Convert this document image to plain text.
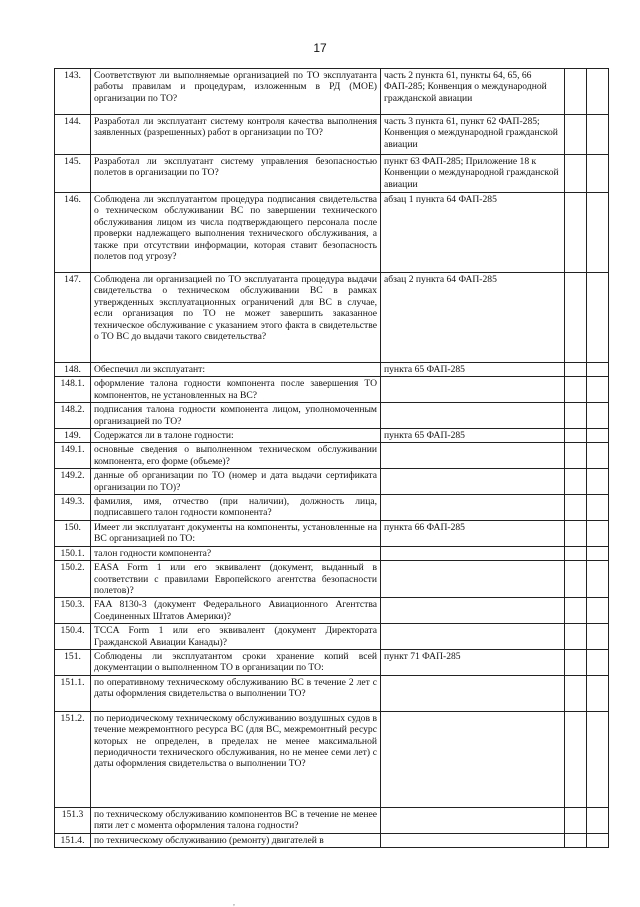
17
143.	Соответствуют ли выполняемые организацией по ТО эксплуатанта работы правилам и процедурам, изложенным в РД (МОЕ) организации по ТО?	часть 2 пункта 61, пункты 64, 65, 66 ФАП-285; Конвенция о международной гражданской авиации		
144.	Разработал ли эксплуатант систему контроля качества выполнения заявленных (разрешенных) работ в организации по ТО?	часть 3 пункта 61, пункт 62 ФАП-285; Конвенция о международной гражданской авиации		
145.	Разработал ли эксплуатант систему управления безопасностью полетов в организации по ТО?	пункт 63 ФАП-285; Приложение 18 к Конвенции о международной гражданской авиации		
146.	Соблюдена ли эксплуатантом процедура подписания свидетельства о техническом обслуживании ВС по завершении технического обслуживания лицом из числа подтверждающего персонала после проверки надлежащего выполнения технического обслуживания, а также при отсутствии информации, которая ставит безопасность полетов под угрозу?	абзац 1 пункта 64 ФАП-285		
147.	Соблюдена ли организацией по ТО эксплуатанта процедура выдачи свидетельства о техническом обслуживании ВС в рамках утвержденных эксплуатационных ограничений для ВС в случае, если организация по ТО не может завершить заказанное техническое обслуживание с указанием этого факта в свидетельстве о ТО ВС до выдачи такого свидетельства?	абзац 2 пункта 64 ФАП-285		
148.	Обеспечил ли эксплуатант:	пункта 65 ФАП-285		
148.1.	оформление талона годности компонента после завершения ТО компонентов, не установленных на ВС?			
148.2.	подписания талона годности компонента лицом, уполномоченным организацией по ТО?			
149.	Содержатся ли в талоне годности:	пункта 65 ФАП-285		
149.1.	основные сведения о выполненном техническом обслуживании компонента, его форме (объеме)?			
149.2.	данные об организации по ТО (номер и дата выдачи сертификата организации по ТО)?			
149.3.	фамилия, имя, отчество (при наличии), должность лица, подписавшего талон годности компонента?			
150.	Имеет ли эксплуатант документы на компоненты, установленные на ВС организацией по ТО:	пункта 66 ФАП-285		
150.1.	талон годности компонента?			
150.2.	EASA Form 1 или его эквивалент (документ, выданный в соответствии с правилами Европейского агентства безопасности полетов)?			
150.3.	FAA 8130-3 (документ Федерального Авиационного Агентства Соединенных Штатов Америки)?			
150.4.	TCCA Form 1 или его эквивалент (документ Директората Гражданской Авиации Канады)?			
151.	Соблюдены ли эксплуатантом сроки хранение копий всей документации о выполненном ТО в организации по ТО:	пункт 71 ФАП-285		
151.1.	по оперативному техническому обслуживанию ВС в течение 2 лет с даты оформления свидетельства о выполнении ТО?			
151.2.	по периодическому техническому обслуживанию воздушных судов в течение межремонтного ресурса ВС (для ВС, межремонтный ресурс которых не определен, в пределах не менее максимальной периодичности технического обслуживания, но не менее семи лет) с даты оформления свидетельства о выполнении ТО?			
151.3	по техническому обслуживанию компонентов ВС в течение не менее пяти лет с момента оформления талона годности?			
151.4.	по техническому обслуживанию (ремонту) двигателей в			
,
